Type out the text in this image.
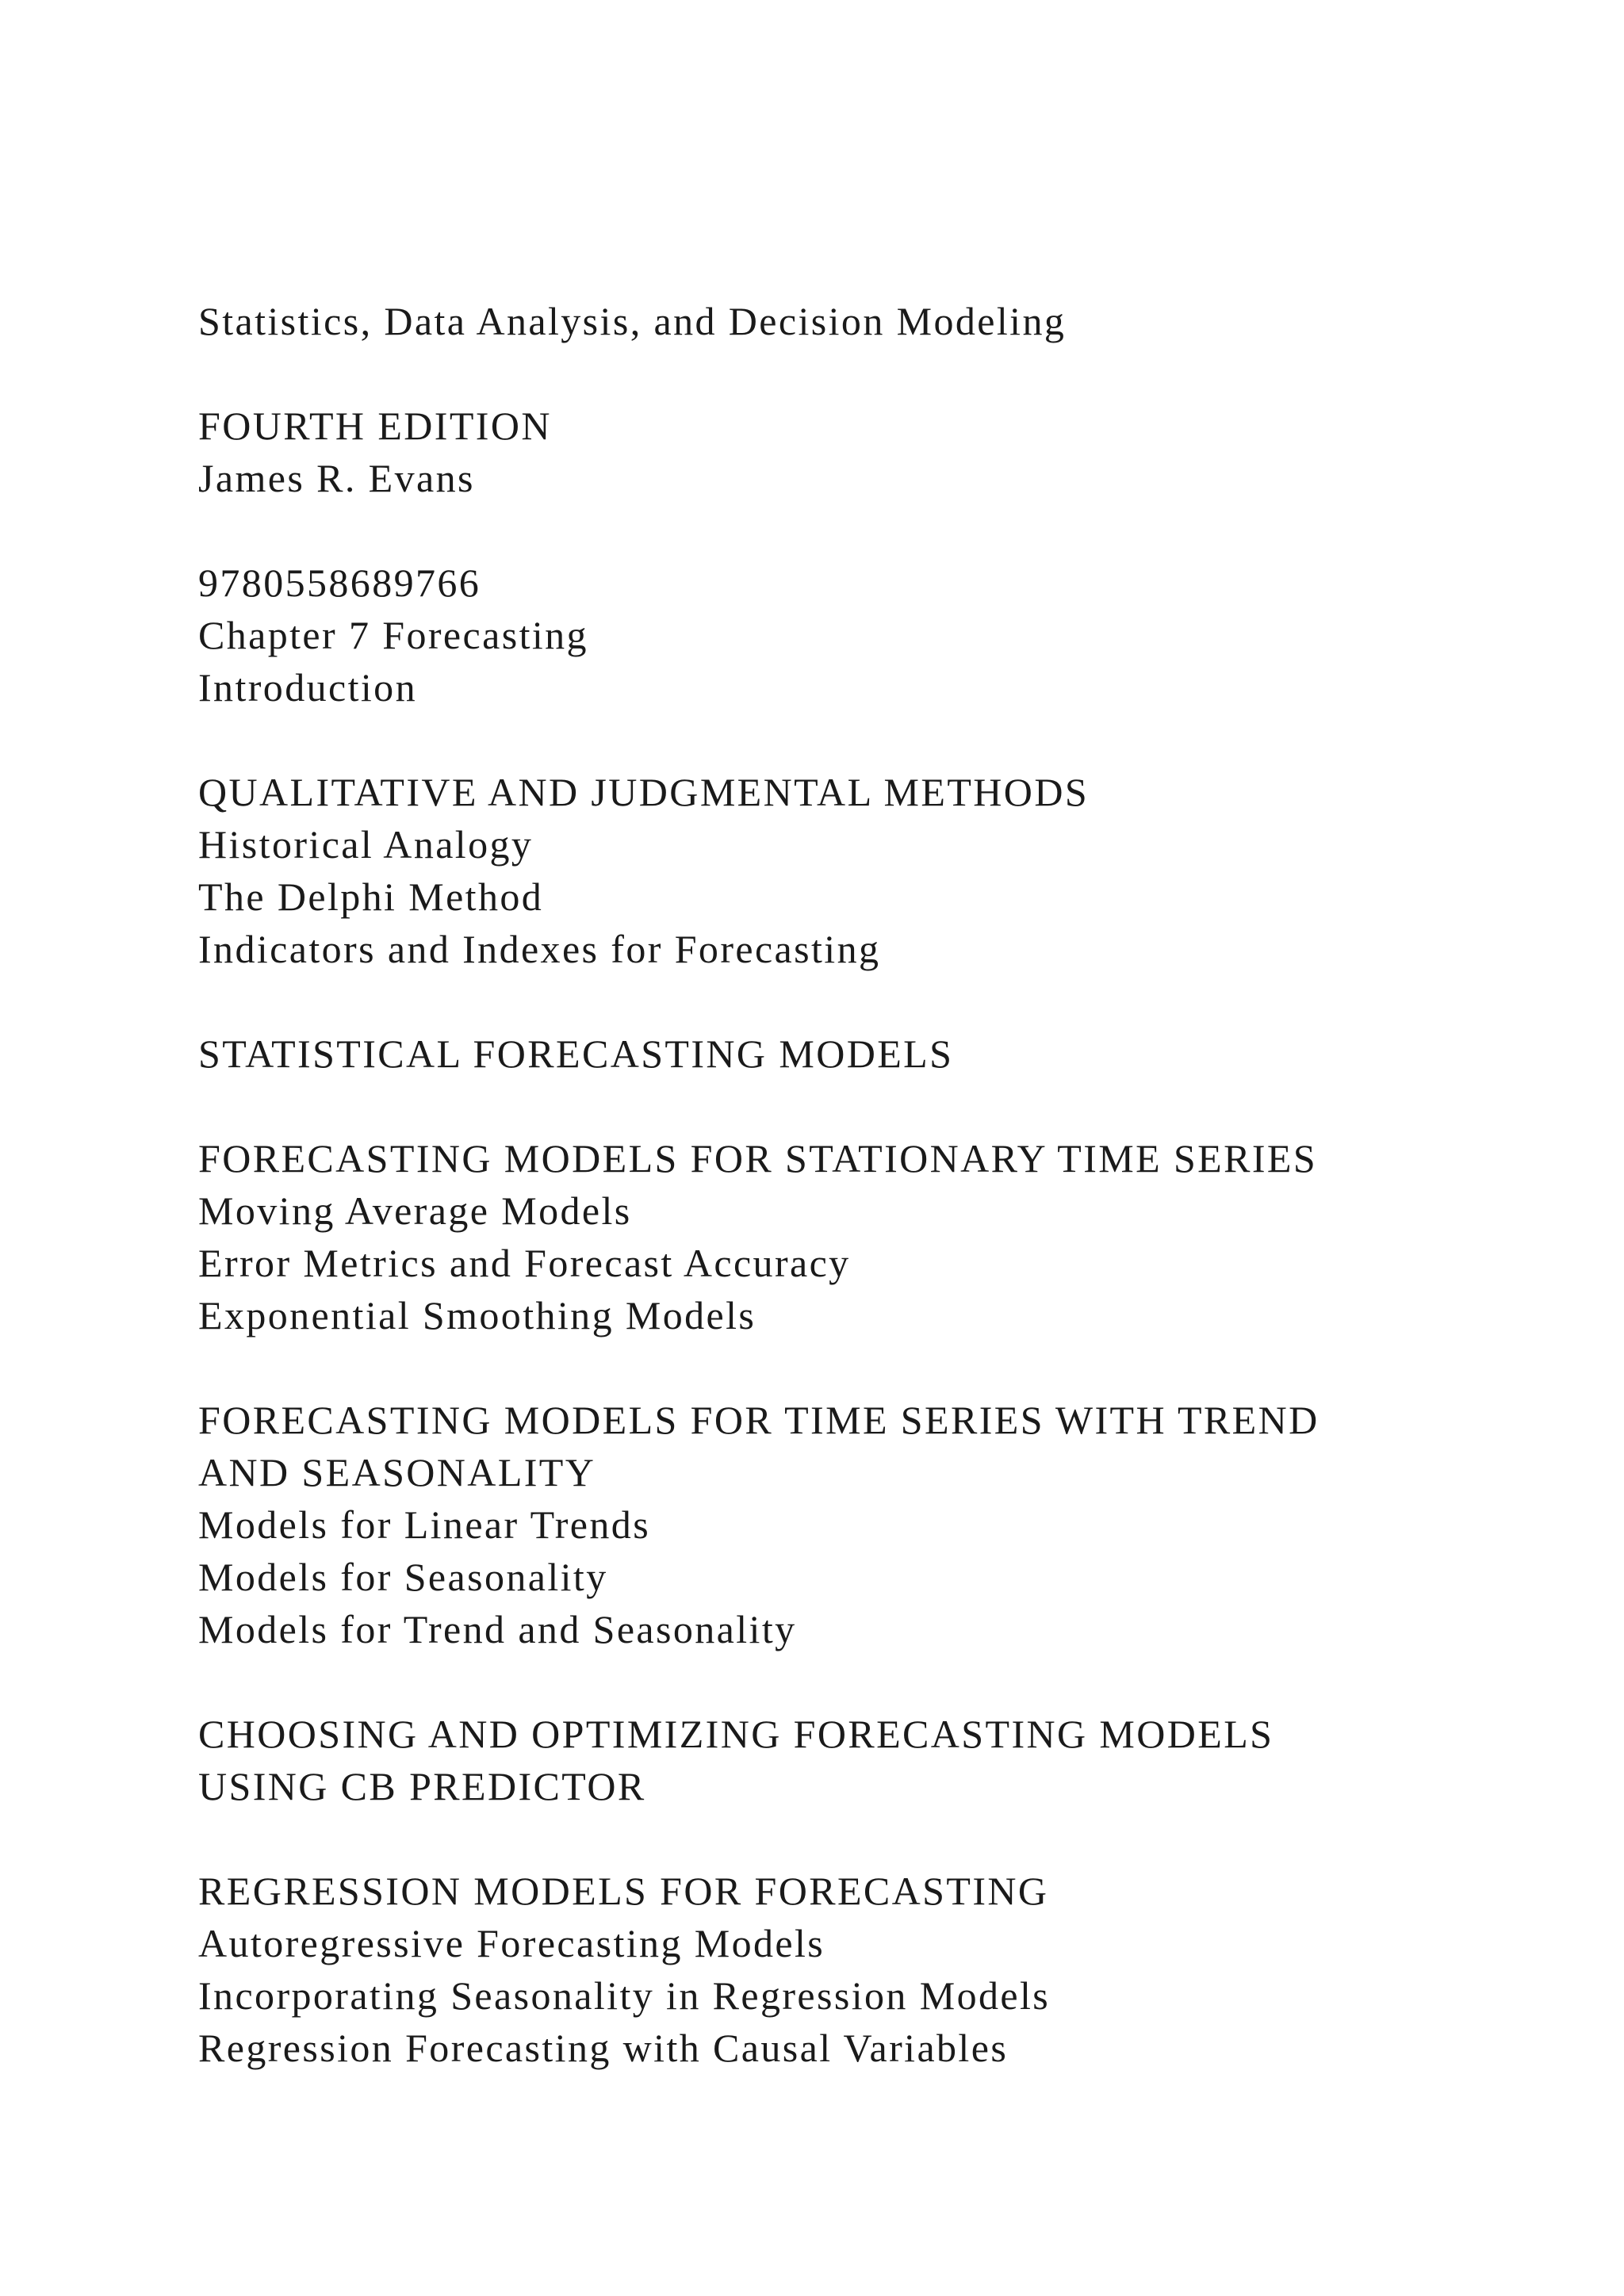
Statistics, Data Analysis, and Decision Modeling
FOURTH EDITION
James R. Evans
9780558689766
Chapter 7 Forecasting
Introduction
QUALITATIVE AND JUDGMENTAL METHODS
Historical Analogy
The Delphi Method
Indicators and Indexes for Forecasting
STATISTICAL FORECASTING MODELS
FORECASTING MODELS FOR STATIONARY TIME SERIES
Moving Average Models
Error Metrics and Forecast Accuracy
Exponential Smoothing Models
FORECASTING MODELS FOR TIME SERIES WITH TREND
AND SEASONALITY
Models for Linear Trends
Models for Seasonality
Models for Trend and Seasonality
CHOOSING AND OPTIMIZING FORECASTING MODELS
USING CB PREDICTOR
REGRESSION MODELS FOR FORECASTING
Autoregressive Forecasting Models
Incorporating Seasonality in Regression Models
Regression Forecasting with Causal Variables
